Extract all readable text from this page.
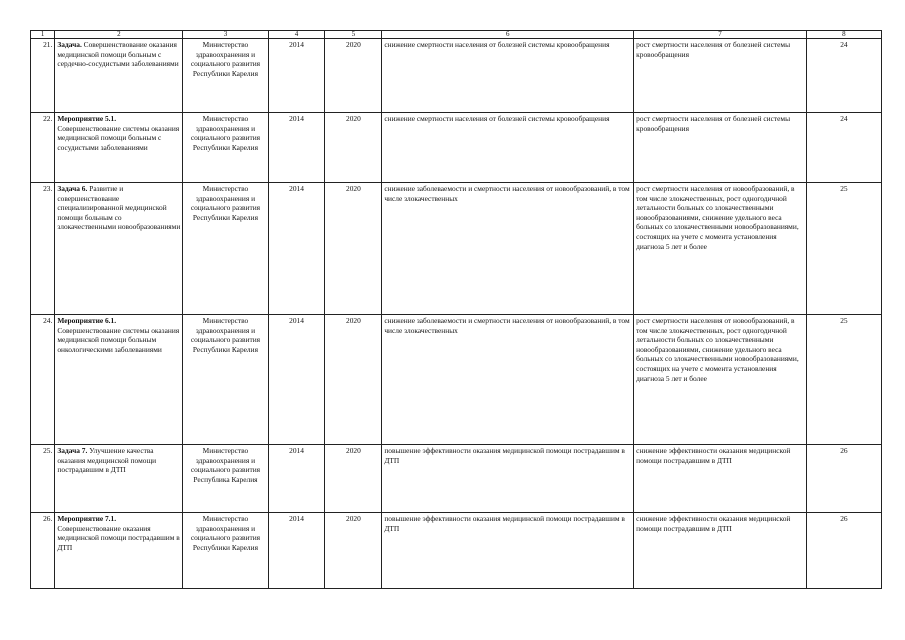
1	2	3	4	5	6	7	8
21.	Задача. Совершенствование оказания медицинской помощи больным с сердечно-сосудистыми заболеваниями	Министерство здравоохранения и социального развития Республики Карелия	2014	2020	снижение смертности населения от болезней системы кровообращения	рост смертности населения от болезней системы кровообращения	24
22.	Мероприятие 5.1. Совершенствование системы оказания медицинской помощи больным с сосудистыми заболеваниями	Министерство здравоохранения и социального развития Республики Карелия	2014	2020	снижение смертности населения от болезней системы кровообращения	рост смертности населения от болезней системы кровообращения	24
23.	Задача 6. Развитие и совершенствование специализированной медицинской помощи больным со злокачественными новообразованиями	Министерство здравоохранения и социального развития Республики Карелия	2014	2020	снижение заболеваемости и смертности населения от новообразований, в том числе злокачественных	рост смертности населения от новообразований, в том числе злокачественных, рост одногодичной летальности больных со злокачественными новообразованиями, снижение удельного веса больных со злокачественными новообразованиями, состоящих на учете с момента установления диагноза 5 лет и более	25
24.	Мероприятие 6.1. Совершенствование системы оказания медицинской помощи больным онкологическими заболеваниями	Министерство здравоохранения и социального развития Республики Карелия	2014	2020	снижение заболеваемости и смертности населения от новообразований, в том числе злокачественных	рост смертности населения от новообразований, в том числе злокачественных, рост одногодичной летальности больных со злокачественными новообразованиями, снижение удельного веса больных со злокачественными новообразованиями, состоящих на учете с момента установления диагноза 5 лет и более	25
25.	Задача 7. Улучшение качества оказания медицинской помощи пострадавшим в ДТП	Министерство здравоохранения и социального развития Республика Карелия	2014	2020	повышение эффективности оказания медицинской помощи пострадавшим в ДТП	снижение эффективности оказания медицинской помощи пострадавшим в ДТП	26
26.	Мероприятие 7.1. Совершенствование оказания медицинской помощи пострадавшим в ДТП	Министерство здравоохранения и социального развития Республики Карелия	2014	2020	повышение эффективности оказания медицинской помощи пострадавшим в ДТП	снижение эффективности оказания медицинской помощи пострадавшим в ДТП	26
